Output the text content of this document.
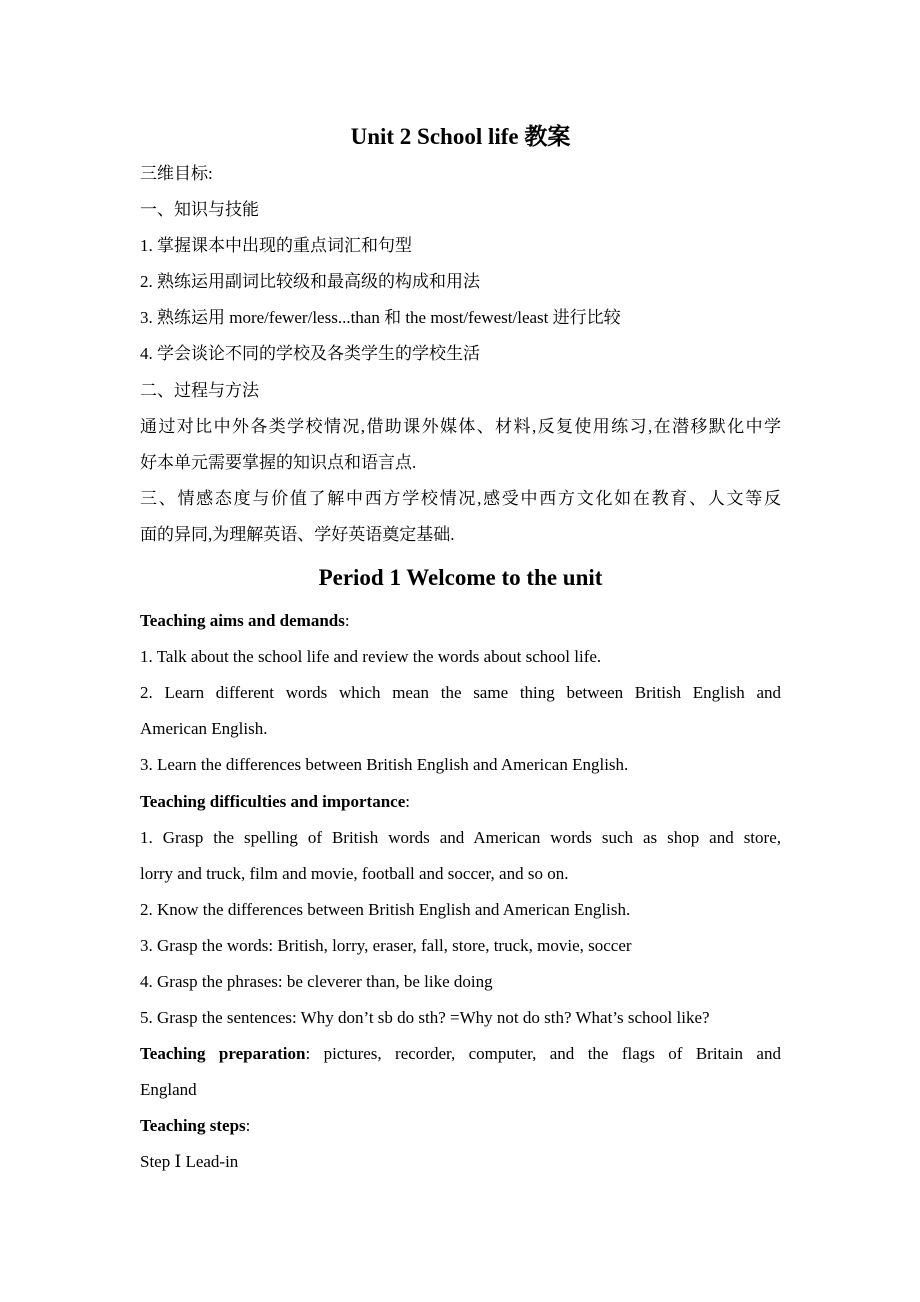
Unit 2 School life 教案
三维目标:
一、知识与技能
1. 掌握课本中出现的重点词汇和句型
2. 熟练运用副词比较级和最高级的构成和用法
3. 熟练运用 more/fewer/less...than 和 the most/fewest/least 进行比较
4. 学会谈论不同的学校及各类学生的学校生活
二、过程与方法
通过对比中外各类学校情况,借助课外媒体、材料,反复使用练习,在潜移默化中学
好本单元需要掌握的知识点和语言点.
三、情感态度与价值了解中西方学校情况,感受中西方文化如在教育、人文等反
面的异同,为理解英语、学好英语奠定基础.
Period 1 Welcome to the unit
Teaching aims and demands:
1. Talk about the school life and review the words about school life.
2. Learn different words which mean the same thing between British English and
American English.
3. Learn the differences between British English and American English.
Teaching difficulties and importance:
1. Grasp the spelling of British words and American words such as shop and store,
lorry and truck, film and movie, football and soccer, and so on.
2. Know the differences between British English and American English.
3. Grasp the words: British, lorry, eraser, fall, store, truck, movie, soccer
4. Grasp the phrases: be cleverer than, be like doing
5. Grasp the sentences: Why don’t sb do sth? =Why not do sth? What’s school like?
Teaching preparation: pictures, recorder, computer, and the flags of Britain and
England
Teaching steps:
Step Ⅰ Lead-in
